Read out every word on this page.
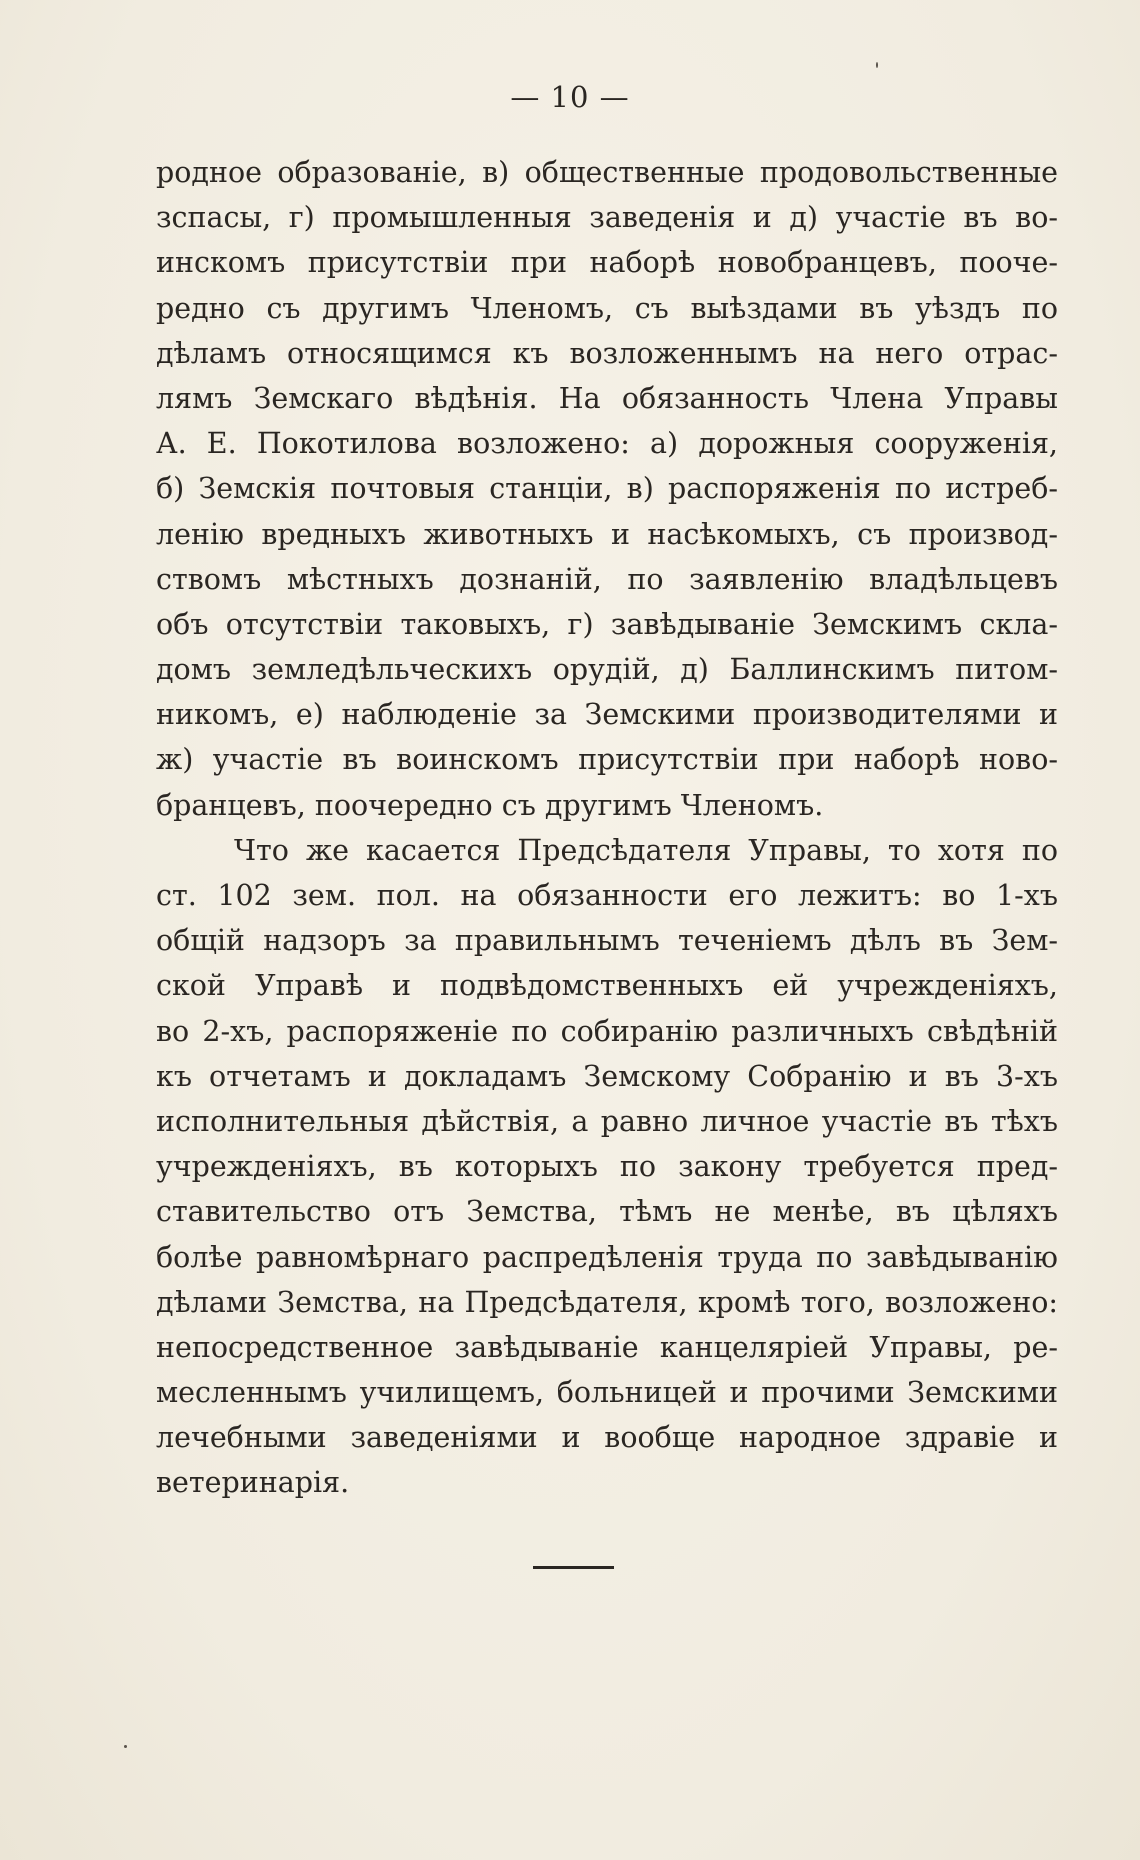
— 10 —
родное образованіе, в) общественные продовольственные
зспасы, г) промышленныя заведенія и д) участіе въ во-
инскомъ присутствіи при наборѣ новобранцевъ, пооче-
редно съ другимъ Членомъ, съ выѣздами въ уѣздъ по
дѣламъ относящимся къ возложеннымъ на него отрас-
лямъ Земскаго вѣдѣнія. На обязанность Члена Управы
А. Е. Покотилова возложено: а) дорожныя сооруженія,
б) Земскія почтовыя станціи, в) распоряженія по истреб-
ленію вредныхъ животныхъ и насѣкомыхъ, съ производ-
ствомъ мѣстныхъ дознаній, по заявленію владѣльцевъ
объ отсутствіи таковыхъ, г) завѣдываніе Земскимъ скла-
домъ земледѣльческихъ орудій, д) Баллинскимъ питом-
никомъ, е) наблюденіе за Земскими производителями и
ж) участіе въ воинскомъ присутствіи при наборѣ ново-
бранцевъ, поочередно съ другимъ Членомъ.
Что же касается Предсѣдателя Управы, то хотя по
ст. 102 зем. пол. на обязанности его лежитъ: во 1-хъ
общій надзоръ за правильнымъ теченіемъ дѣлъ въ Зем-
ской Управѣ и подвѣдомственныхъ ей учрежденіяхъ,
во 2-хъ, распоряженіе по собиранію различныхъ свѣдѣній
къ отчетамъ и докладамъ Земскому Собранію и въ 3-хъ
исполнительныя дѣйствія, а равно личное участіе въ тѣхъ
учрежденіяхъ, въ которыхъ по закону требуется пред-
ставительство отъ Земства, тѣмъ не менѣе, въ цѣляхъ
болѣе равномѣрнаго распредѣленія труда по завѣдыванію
дѣлами Земства, на Предсѣдателя, кромѣ того, возложено:
непосредственное завѣдываніе канцеляріей Управы, ре-
месленнымъ училищемъ, больницей и прочими Земскими
лечебными заведеніями и вообще народное здравіе и
ветеринарія.
